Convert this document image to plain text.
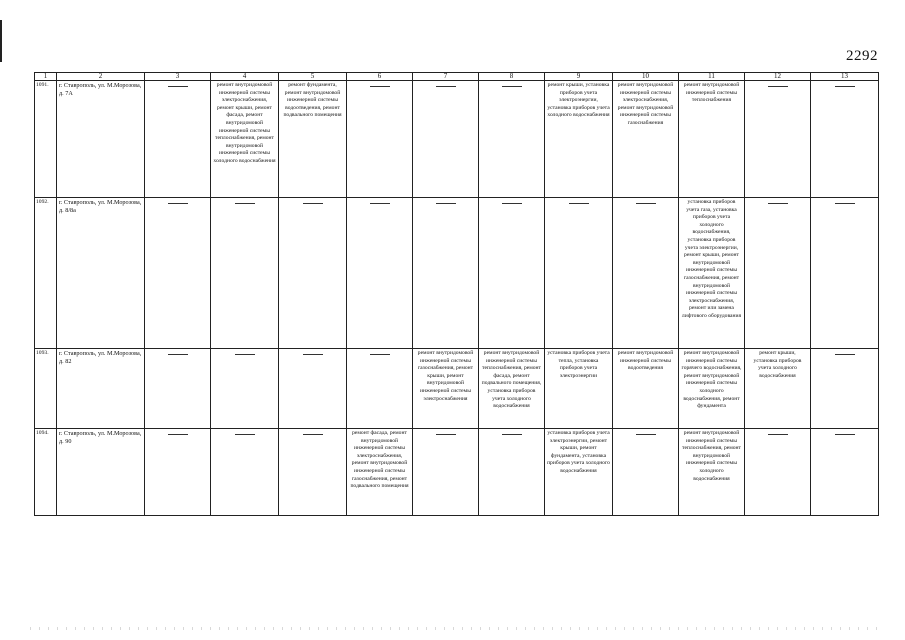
2292
1	2	3	4	5	6	7	8	9	10	11	12	13
1091.	г. Ставрополь, ул. М.Морозова, д. 7А		ремонт внутридомовой инженерной системы электроснабжения, ремонт крыши, ремонт фасада, ремонт внутридомовой инженерной системы теплоснабжения, ремонт внутридомовой инженерной системы холодного водоснабжения	ремонт фундамента, ремонт внутридомовой инженерной системы водоотведения, ремонт подвального помещения				ремонт крыши, установка приборов учета электроэнергии, установка приборов учета холодного водоснабжения	ремонт внутридомовой инженерной системы электроснабжения, ремонт внутридомовой инженерной системы газоснабжения	ремонт внутридомовой инженерной системы теплоснабжения	

1092.	г. Ставрополь, ул. М.Морозова, д. 8/8а									установка приборов учета газа, установка приборов учета холодного водоснабжения, установка приборов учета электроэнергии, ремонт крыши, ремонт внутридомовой инженерной системы газоснабжения, ремонт внутридомовой инженерной системы электроснабжения, ремонт или замена лифтового оборудования	

1093.	г. Ставрополь, ул. М.Морозова, д. 82					ремонт внутридомовой инженерной системы газоснабжения, ремонт крыши, ремонт внутридомовой инженерной системы электроснабжения	ремонт внутридомовой инженерной системы теплоснабжения, ремонт фасада, ремонт подвального помещения, установка приборов учета холодного водоснабжения	установка приборов учета тепла, установка приборов учета электроэнергии	ремонт внутридомовой инженерной системы водоотведения	ремонт внутридомовой инженерной системы горячего водоснабжения, ремонт внутридомовой инженерной системы холодного водоснабжения, ремонт фундамента	ремонт крыши, установка приборов учета холодного водоснабжения	

1094.	г. Ставрополь, ул. М.Морозова, д. 90				ремонт фасада, ремонт внутридомовой инженерной системы электроснабжения, ремонт внутридомовой инженерной системы газоснабжения, ремонт подвального помещения			установка приборов учета электроэнергии, ремонт крыши, ремонт фундамента, установка приборов учета холодного водоснабжения		ремонт внутридомовой инженерной системы теплоснабжения, ремонт внутридомовой инженерной системы холодного водоснабжения	
